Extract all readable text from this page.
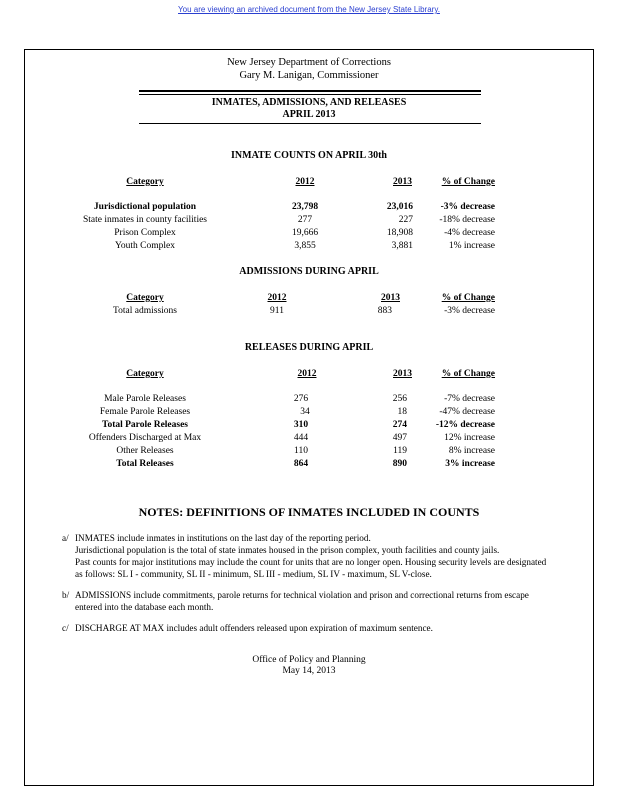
You are viewing an archived document from the New Jersey State Library.
New Jersey Department of Corrections
Gary M. Lanigan, Commissioner
INMATES, ADMISSIONS, AND RELEASES
APRIL 2013
INMATE COUNTS ON APRIL 30th
Category	2012	2013	% of Change
Jurisdictional population	23,798	23,016	-3% decrease
State inmates in county facilities	277	227	-18% decrease
Prison Complex	19,666	18,908	-4% decrease
Youth Complex	3,855	3,881	1% increase
ADMISSIONS DURING APRIL
Category	2012	2013	% of Change
Total admissions	911	883	-3% decrease
RELEASES DURING APRIL
Category	2012	2013	% of Change
Male Parole Releases	276	256	-7% decrease
Female Parole Releases	34	18	-47% decrease
Total Parole Releases	310	274	-12% decrease
Offenders Discharged at Max	444	497	12% increase
Other Releases	110	119	8% increase
Total Releases	864	890	3% increase
NOTES: DEFINITIONS OF INMATES INCLUDED IN COUNTS
a/ INMATES include inmates in institutions on the last day of the reporting period.

Jurisdictional population is the total of state inmates housed in the prison complex, youth facilities and county jails.

Past counts for major institutions may include the count for units that are no longer open. Housing security levels are designated

as follows: SL I - community, SL II - minimum, SL III - medium, SL IV - maximum, SL V-close.

b/ ADMISSIONS include commitments, parole returns for technical violation and prison and correctional returns from escape

entered into the database each month.

c/ DISCHARGE AT MAX includes adult offenders released upon expiration of maximum sentence.

Office of Policy and Planning
May 14, 2013
